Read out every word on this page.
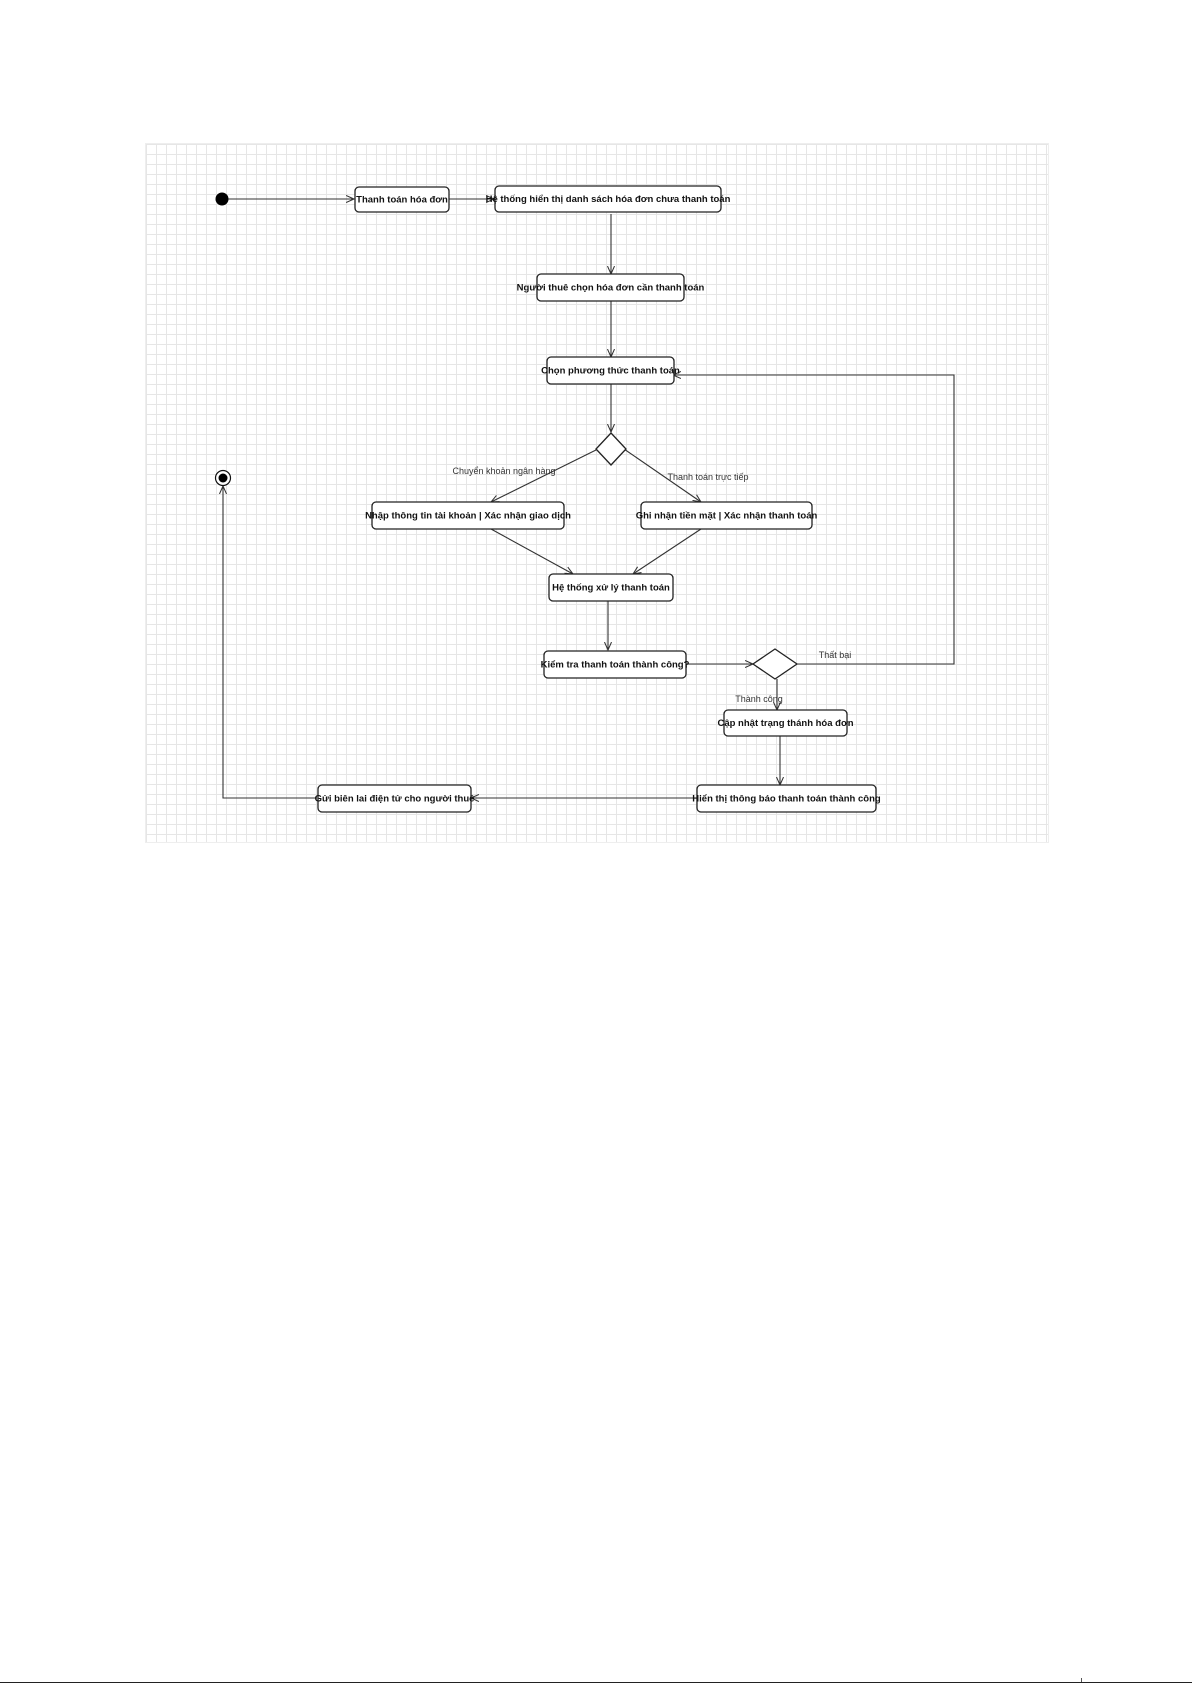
Thanh toán hóa đơn	Hệ thống hiển thị danh sách hóa đơn chưa thanh toán
Người thuê chọn hóa đơn cần thanh toán
Chọn phương thức thanh toán
Nhập thông tin tài khoản | Xác nhận giao dịch	Ghi nhận tiền mặt | Xác nhận thanh toán
Hệ thống xử lý thanh toán
Kiểm tra thanh toán thành công?
Cập nhật trạng thánh hóa đơn
Hiển thị thông báo thanh toán thành công
Gửi biên lai điện tử cho người thuê
Chuyển khoản ngân hàng
Thanh toán trực tiếp
Thất bại
Thành công
